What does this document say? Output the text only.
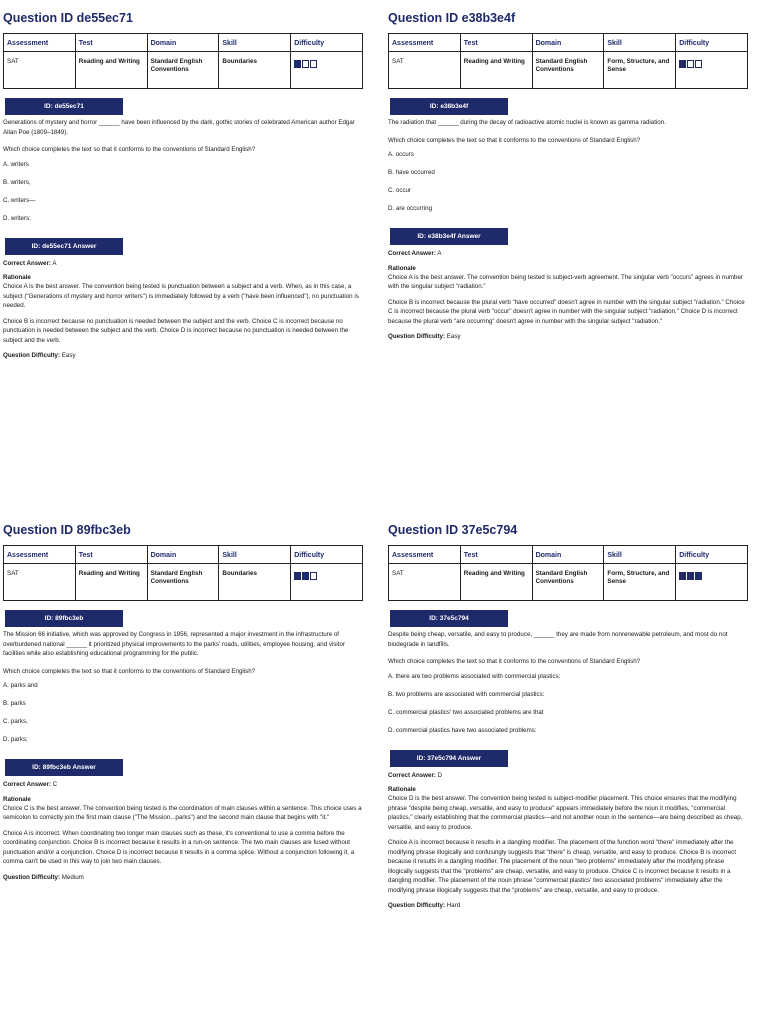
Question ID de55ec71
Assessment	Test	Domain	Skill	Difficulty
SAT	Reading and Writing	Standard English Conventions	Boundaries	
ID: de55ec71

Generations of mystery and horror ______ have been influenced by the dark, gothic stories of celebrated American author Edgar Allan Poe (1809–1849).

Which choice completes the text so that it conforms to the conventions of Standard English?

A. writers
B. writers,
C. writers—
D. writers;
ID: de55ec71 Answer

Correct Answer: A

Rationale

Choice A is the best answer. The convention being tested is punctuation between a subject and a verb. When, as in this case, a subject ("Generations of mystery and horror writers") is immediately followed by a verb ("have been influenced"), no punctuation is needed.

Choice B is incorrect because no punctuation is needed between the subject and the verb. Choice C is incorrect because no punctuation is needed between the subject and the verb. Choice D is incorrect because no punctuation is needed between the subject and the verb.

Question Difficulty: Easy

Question ID e38b3e4f
Assessment	Test	Domain	Skill	Difficulty
SAT	Reading and Writing	Standard English Conventions	Form, Structure, and Sense	
ID: e38b3e4f

The radiation that ______ during the decay of radioactive atomic nuclei is known as gamma radiation.

Which choice completes the text so that it conforms to the conventions of Standard English?

A. occurs
B. have occurred
C. occur
D. are occurring
ID: e38b3e4f Answer

Correct Answer: A

Rationale

Choice A is the best answer. The convention being tested is subject-verb agreement. The singular verb "occurs" agrees in number with the singular subject "radiation."

Choice B is incorrect because the plural verb "have occurred" doesn't agree in number with the singular subject "radiation." Choice C is incorrect because the plural verb "occur" doesn't agree in number with the singular subject "radiation." Choice D is incorrect because the plural verb "are occurring" doesn't agree in number with the singular subject "radiation."

Question Difficulty: Easy

Question ID 89fbc3eb
Assessment	Test	Domain	Skill	Difficulty
SAT	Reading and Writing	Standard English Conventions	Boundaries	
ID: 89fbc3eb

The Mission 66 initiative, which was approved by Congress in 1956, represented a major investment in the infrastructure of overburdened national ______ it prioritized physical improvements to the parks' roads, utilities, employee housing, and visitor facilities while also establishing educational programming for the public.

Which choice completes the text so that it conforms to the conventions of Standard English?

A. parks and
B. parks
C. parks,
D. parks;
ID: 89fbc3eb Answer

Correct Answer: C

Rationale

Choice C is the best answer. The convention being tested is the coordination of main clauses within a sentence. This choice uses a semicolon to correctly join the first main clause ("The Mission...parks") and the second main clause that begins with "it."

Choice A is incorrect. When coordinating two longer main clauses such as these, it's conventional to use a comma before the coordinating conjunction. Choice B is incorrect because it results in a run-on sentence. The two main clauses are fused without punctuation and/or a conjunction. Choice D is incorrect because it results in a comma splice. Without a conjunction following it, a comma can't be used in this way to join two main clauses.

Question Difficulty: Medium

Question ID 37e5c794
Assessment	Test	Domain	Skill	Difficulty
SAT	Reading and Writing	Standard English Conventions	Form, Structure, and Sense	
ID: 37e5c794

Despite being cheap, versatile, and easy to produce, ______ they are made from nonrenewable petroleum, and most do not biodegrade in landfills.

Which choice completes the text so that it conforms to the conventions of Standard English?

A. there are two problems associated with commercial plastics:
B. two problems are associated with commercial plastics:
C. commercial plastics' two associated problems are that
D. commercial plastics have two associated problems:
ID: 37e5c794 Answer

Correct Answer: D

Rationale

Choice D is the best answer. The convention being tested is subject-modifier placement. This choice ensures that the modifying phrase "despite being cheap, versatile, and easy to produce" appears immediately before the noun it modifies, "commercial plastics," clearly establishing that the commercial plastics—and not another noun in the sentence—are being described as cheap, versatile, and easy to produce.

Choice A is incorrect because it results in a dangling modifier. The placement of the function word "there" immediately after the modifying phrase illogically and confusingly suggests that "there" is cheap, versatile, and easy to produce. Choice B is incorrect because it results in a dangling modifier. The placement of the noun "two problems" immediately after the modifying phrase illogically suggests that the "problems" are cheap, versatile, and easy to produce. Choice C is incorrect because it results in a dangling modifier. The placement of the noun phrase "commercial plastics' two associated problems" immediately after the modifying phrase illogically suggests that the "problems" are cheap, versatile, and easy to produce.

Question Difficulty: Hard
